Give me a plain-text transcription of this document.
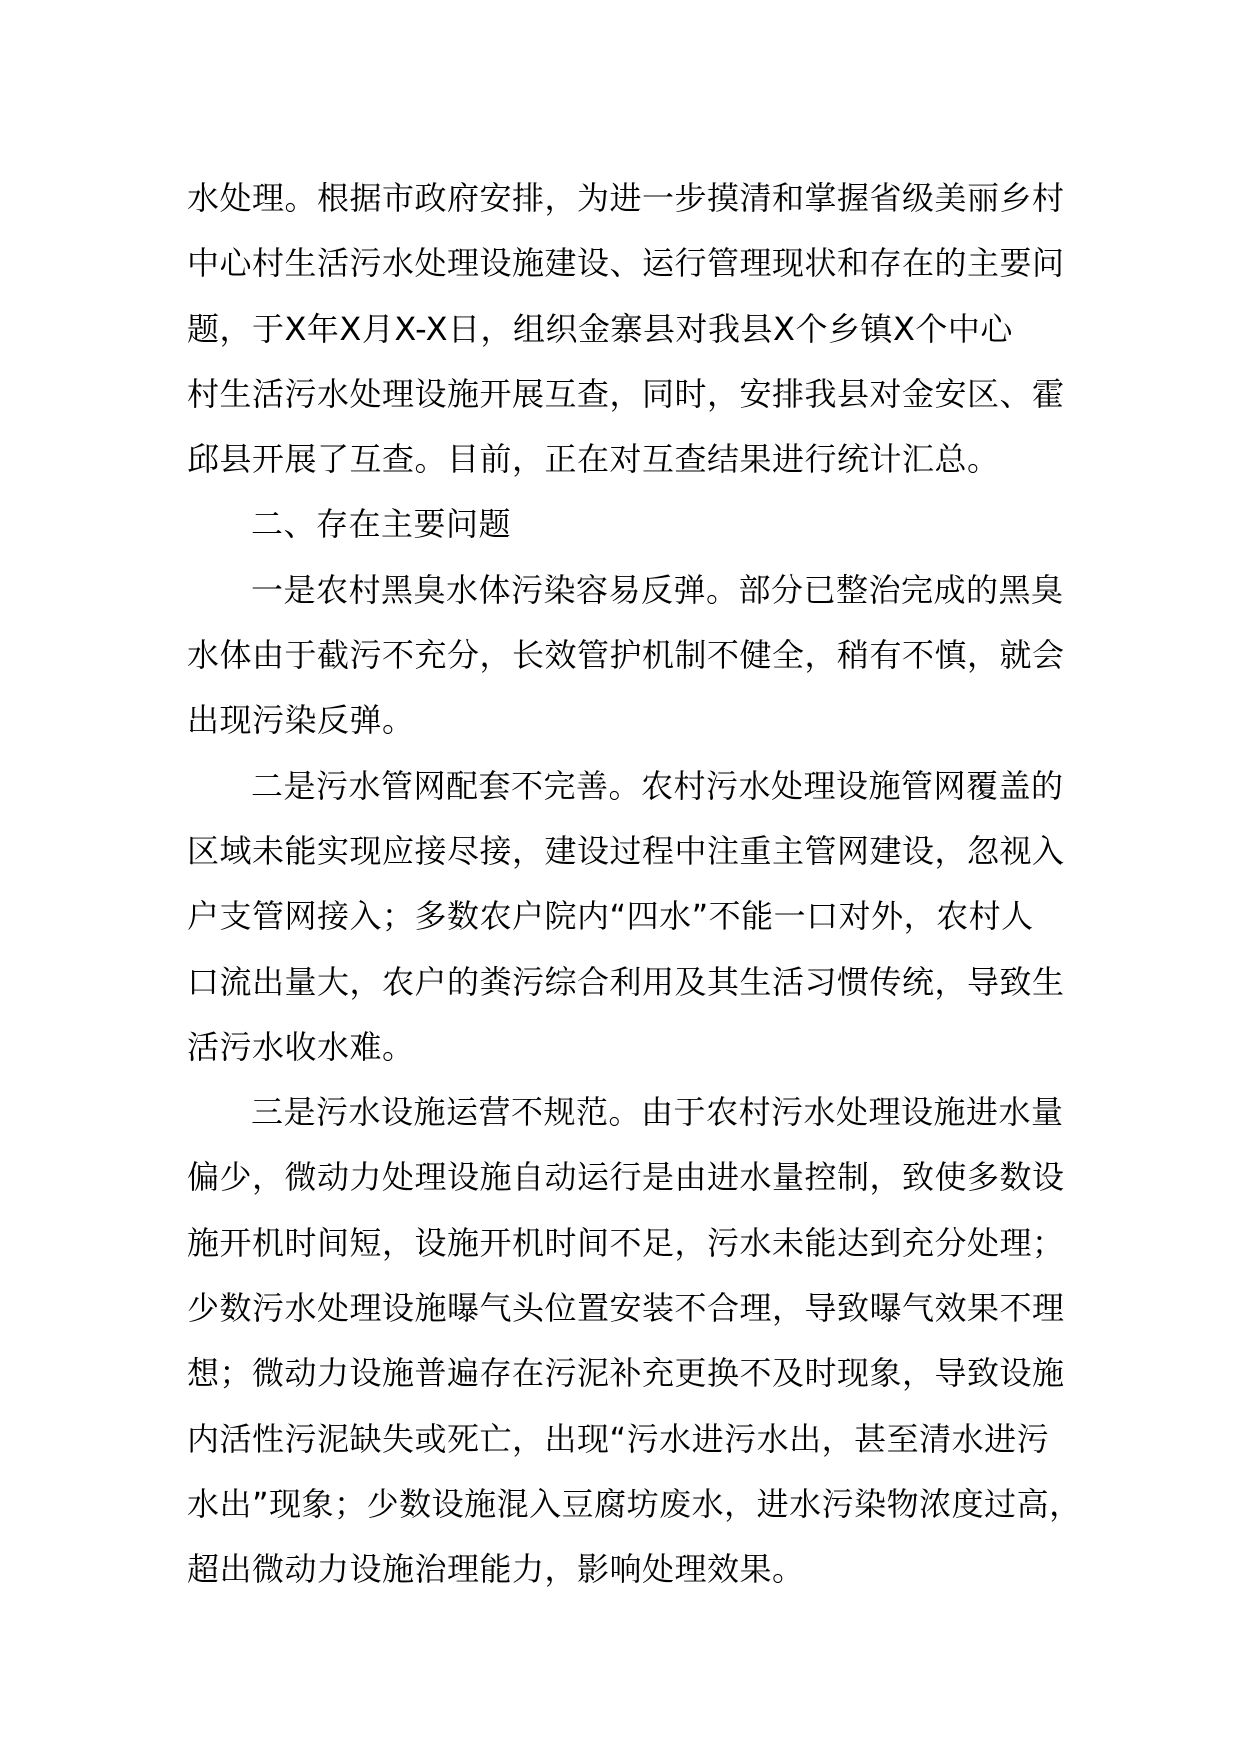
水处理。根据市政府安排，为进一步摸清和掌握省级美丽乡村
中心村生活污水处理设施建设、运行管理现状和存在的主要问
题，于X年X月X-X日，组织金寨县对我县X个乡镇X个中心
村生活污水处理设施开展互查，同时，安排我县对金安区、霍
邱县开展了互查。目前，正在对互查结果进行统计汇总。
二、存在主要问题
一是农村黑臭水体污染容易反弹。部分已整治完成的黑臭
水体由于截污不充分，长效管护机制不健全，稍有不慎，就会
出现污染反弹。
二是污水管网配套不完善。农村污水处理设施管网覆盖的
区域未能实现应接尽接，建设过程中注重主管网建设，忽视入
户支管网接入；多数农户院内“四水”不能一口对外，农村人
口流出量大，农户的粪污综合利用及其生活习惯传统，导致生
活污水收水难。
三是污水设施运营不规范。由于农村污水处理设施进水量
偏少，微动力处理设施自动运行是由进水量控制，致使多数设
施开机时间短，设施开机时间不足，污水未能达到充分处理；
少数污水处理设施曝气头位置安装不合理，导致曝气效果不理
想；微动力设施普遍存在污泥补充更换不及时现象，导致设施
内活性污泥缺失或死亡，出现“污水进污水出，甚至清水进污
水出”现象；少数设施混入豆腐坊废水，进水污染物浓度过高，
超出微动力设施治理能力，影响处理效果。
